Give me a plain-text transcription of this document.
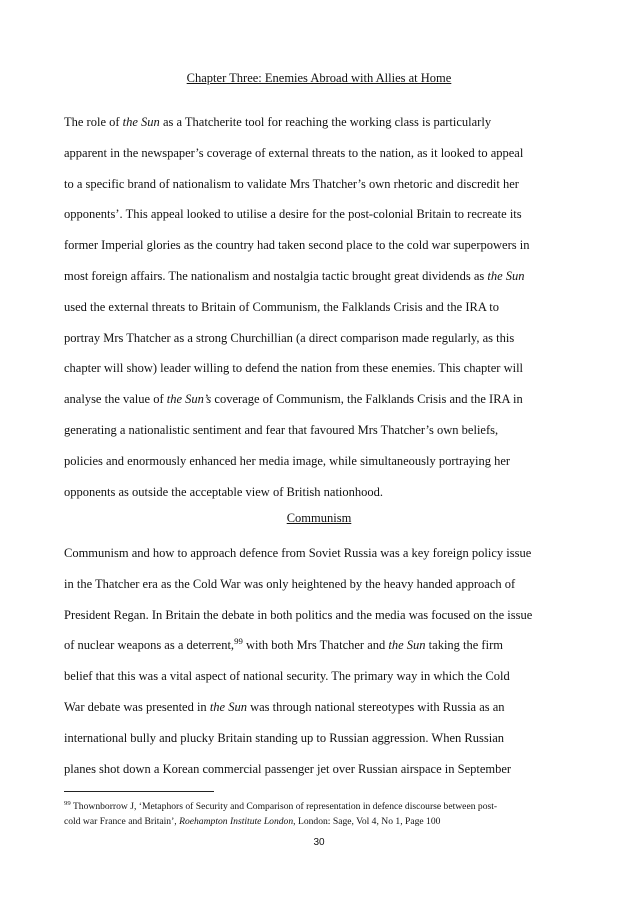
Chapter Three: Enemies Abroad with Allies at Home
The role of the Sun as a Thatcherite tool for reaching the working class is particularly
apparent in the newspaper’s coverage of external threats to the nation, as it looked to appeal
to a specific brand of nationalism to validate Mrs Thatcher’s own rhetoric and discredit her
opponents’. This appeal looked to utilise a desire for the post-colonial Britain to recreate its
former Imperial glories as the country had taken second place to the cold war superpowers in
most foreign affairs. The nationalism and nostalgia tactic brought great dividends as the Sun
used the external threats to Britain of Communism, the Falklands Crisis and the IRA to
portray Mrs Thatcher as a strong Churchillian (a direct comparison made regularly, as this
chapter will show) leader willing to defend the nation from these enemies. This chapter will
analyse the value of the Sun’s coverage of Communism, the Falklands Crisis and the IRA in
generating a nationalistic sentiment and fear that favoured Mrs Thatcher’s own beliefs,
policies and enormously enhanced her media image, while simultaneously portraying her
opponents as outside the acceptable view of British nationhood.
Communism
Communism and how to approach defence from Soviet Russia was a key foreign policy issue
in the Thatcher era as the Cold War was only heightened by the heavy handed approach of
President Regan. In Britain the debate in both politics and the media was focused on the issue
of nuclear weapons as a deterrent,$^{99}$ with both Mrs Thatcher and the Sun taking the firm
belief that this was a vital aspect of national security. The primary way in which the Cold
War debate was presented in the Sun was through national stereotypes with Russia as an
international bully and plucky Britain standing up to Russian aggression. When Russian
planes shot down a Korean commercial passenger jet over Russian airspace in September
$^{99}$ Thownborrow J, ‘Metaphors of Security and Comparison of representation in defence discourse between post-
cold war France and Britain’, Roehampton Institute London, London: Sage, Vol 4, No 1, Page 100
30
